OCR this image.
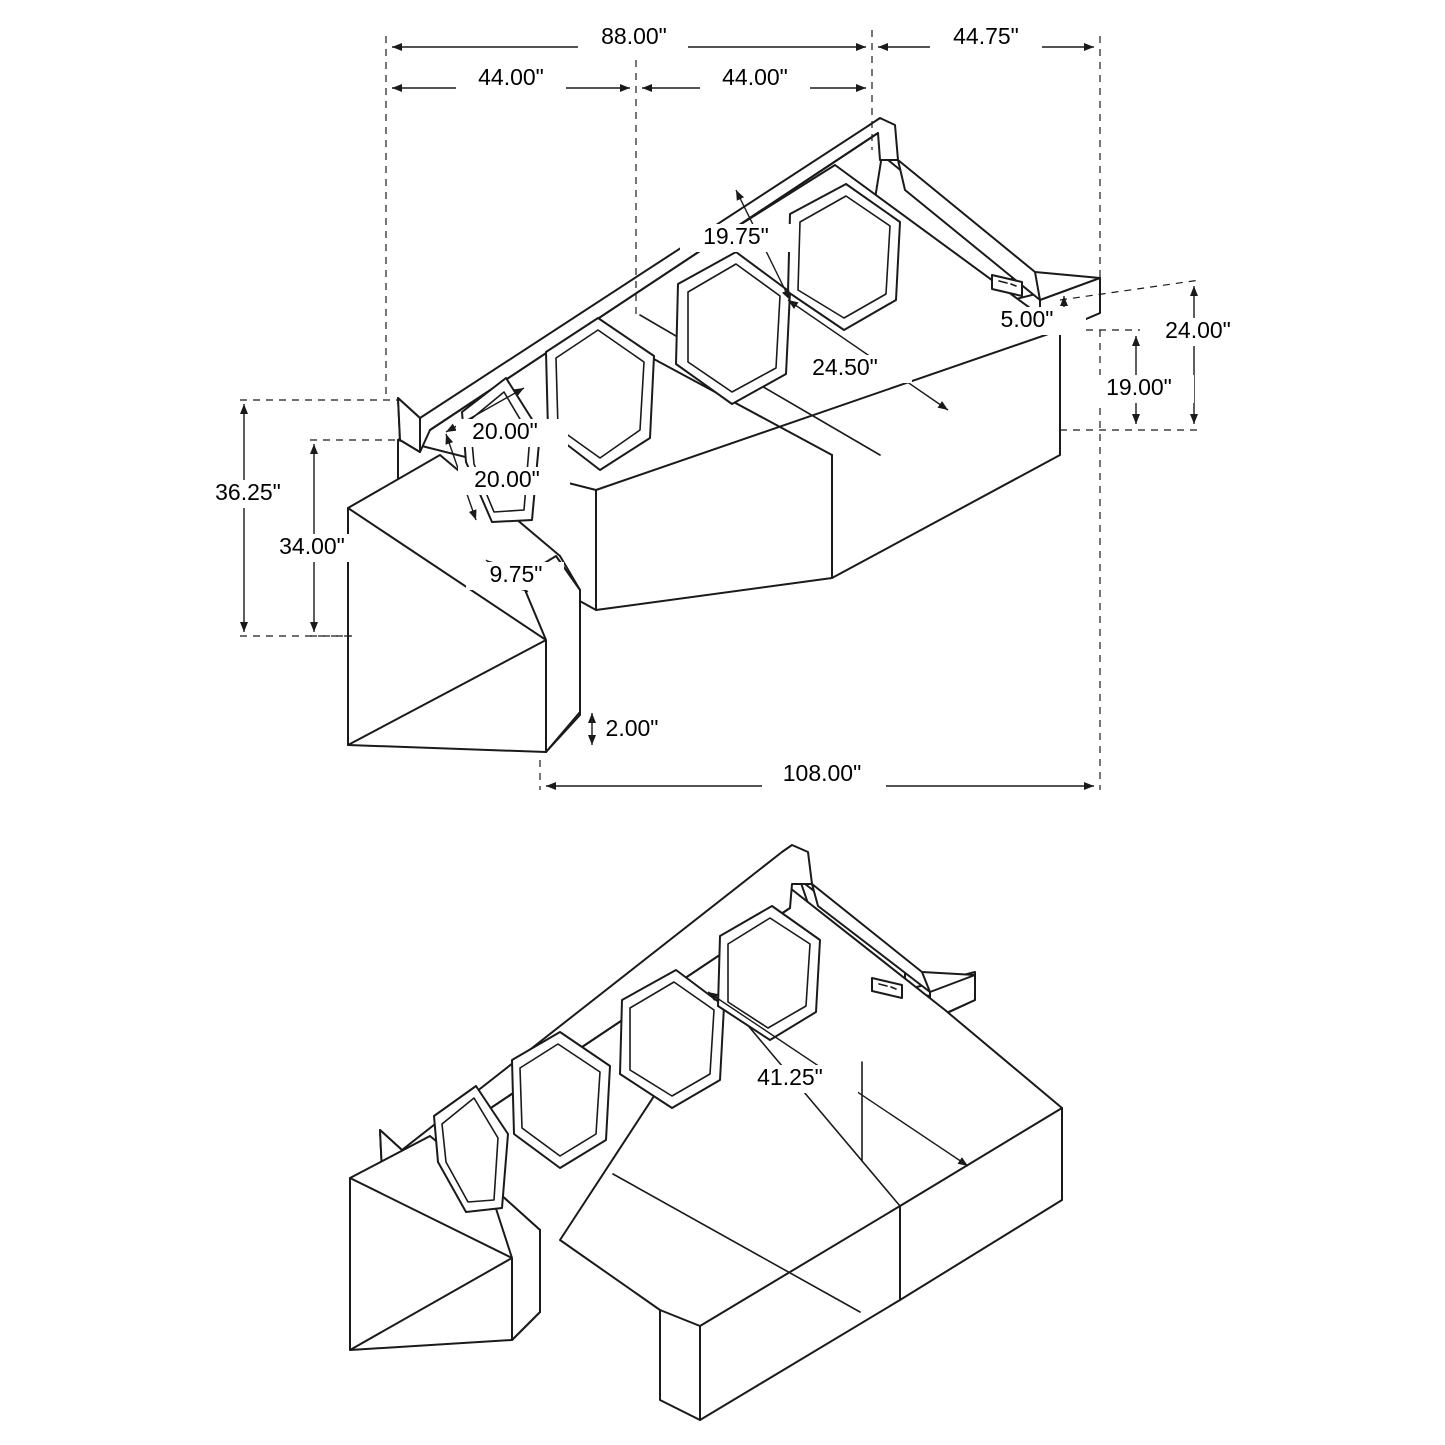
88.00"	44.75"
44.00"	44.00"
19.75"
5.00"	24.00"
19.00"
24.50"
20.00"
20.00"
36.25"
34.00"
9.75"
2.00"
108.00"
41.25"
